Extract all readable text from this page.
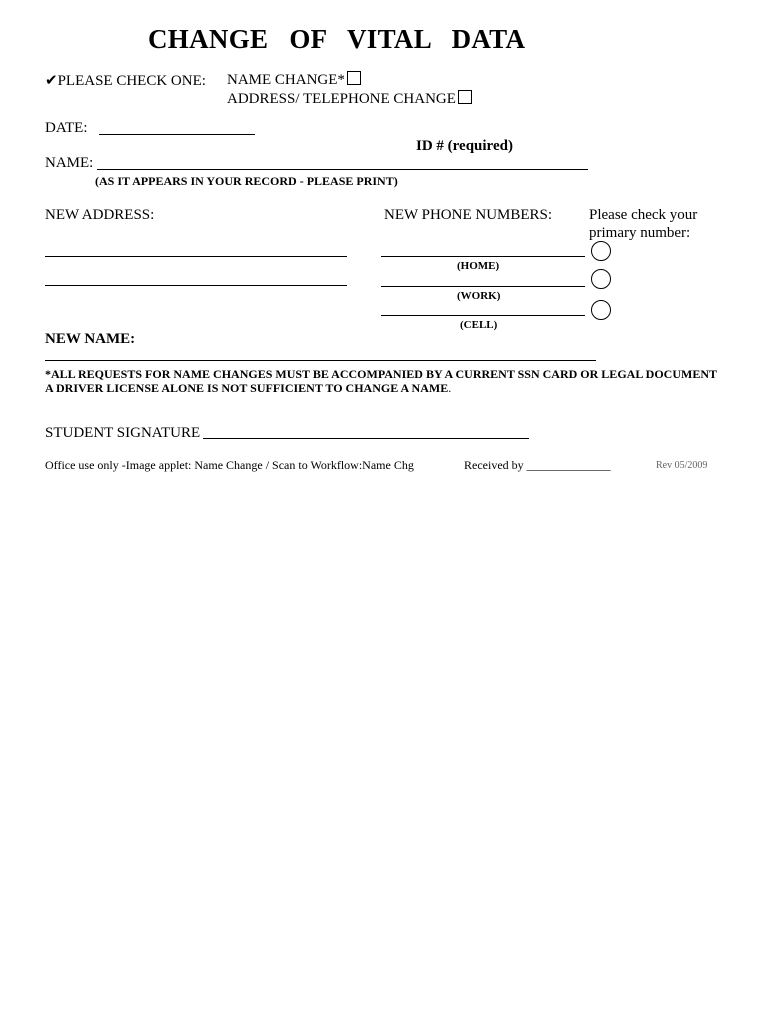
CHANGE OF VITAL DATA
✔PLEASE CHECK ONE: NAME CHANGE*
ADDRESS/ TELEPHONE CHANGE
DATE:
ID # (required)
NAME:
(AS IT APPEARS IN YOUR RECORD - PLEASE PRINT)
NEW ADDRESS:	NEW PHONE NUMBERS: Please check your
primary number:
(HOME)
(WORK)
(CELL)
NEW NAME:
*ALL REQUESTS FOR NAME CHANGES MUST BE ACCOMPANIED BY A CURRENT SSN CARD OR LEGAL DOCUMENT
A DRIVER LICENSE ALONE IS NOT SUFFICIENT TO CHANGE A NAME.
STUDENT SIGNATURE
Office use only -Image applet: Name Change / Scan to Workflow:Name Chg	Received by ______________	Rev 05/2009
